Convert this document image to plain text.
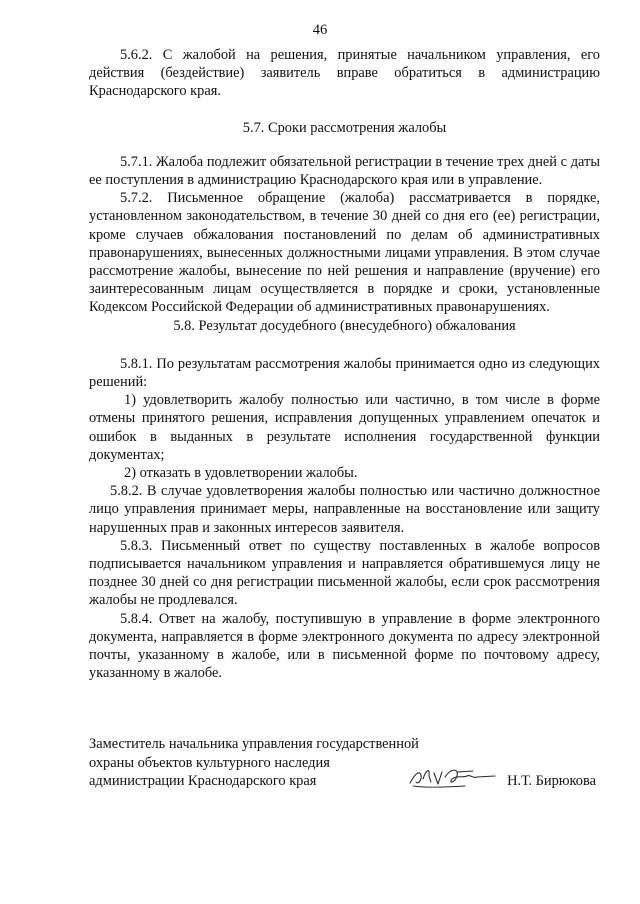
46

5.6.2. С жалобой на решения, принятые начальником управления, его действия (бездействие) заявитель вправе обратиться в администрацию Краснодарского края.

5.7. Сроки рассмотрения жалобы

5.7.1. Жалоба подлежит обязательной регистрации в течение трех дней с даты ее поступления в администрацию Краснодарского края или в управление.

5.7.2. Письменное обращение (жалоба) рассматривается в порядке, установленном законодательством, в течение 30 дней со дня его (ее) регистрации, кроме случаев обжалования постановлений по делам об административных правонарушениях, вынесенных должностными лицами управления. В этом случае рассмотрение жалобы, вынесение по ней решения и направление (вручение) его заинтересованным лицам осуществляется в порядке и сроки, установленные Кодексом Российской Федерации об административных правонарушениях.

5.8. Результат досудебного (внесудебного) обжалования

5.8.1. По результатам рассмотрения жалобы принимается одно из следующих решений:

1) удовлетворить жалобу полностью или частично, в том числе в форме отмены принятого решения, исправления допущенных управлением опечаток и ошибок в выданных в результате исполнения государственной функции документах;

2) отказать в удовлетворении жалобы.

5.8.2. В случае удовлетворения жалобы полностью или частично должностное лицо управления принимает меры, направленные на восстановление или защиту нарушенных прав и законных интересов заявителя.

5.8.3. Письменный ответ по существу поставленных в жалобе вопросов подписывается начальником управления и направляется обратившемуся лицу не позднее 30 дней со дня регистрации письменной жалобы, если срок рассмотрения жалобы не продлевался.

5.8.4. Ответ на жалобу, поступившую в управление в форме электронного документа, направляется в форме электронного документа по адресу электронной почты, указанному в жалобе, или в письменной форме по почтовому адресу, указанному в жалобе.

Заместитель начальника управления государственной
охраны объектов культурного наследия
администрации Краснодарского края	Н.Т. Бирюкова
